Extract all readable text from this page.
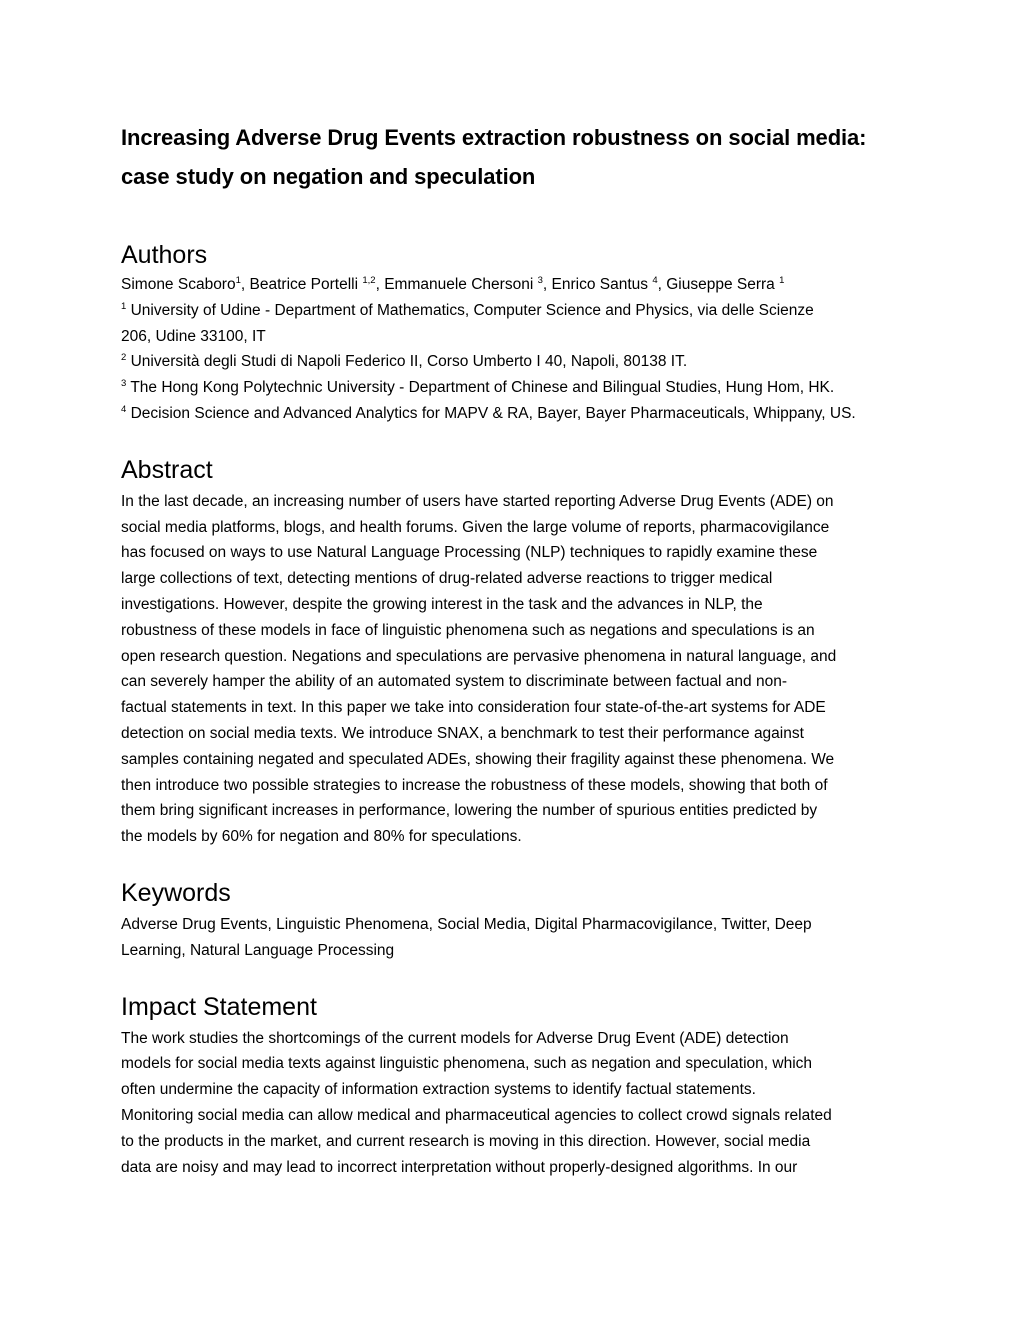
Increasing Adverse Drug Events extraction robustness on social media:
case study on negation and speculation
Authors
Simone Scaboro$^1$, Beatrice Portelli $^{1,2}$, Emmanuele Chersoni $^3$, Enrico Santus $^4$, Giuseppe Serra $^1$
$^1$ University of Udine - Department of Mathematics, Computer Science and Physics, via delle Scienze
206, Udine 33100, IT
$^2$ Università degli Studi di Napoli Federico II, Corso Umberto I 40, Napoli, 80138 IT.
$^3$ The Hong Kong Polytechnic University - Department of Chinese and Bilingual Studies, Hung Hom, HK.
$^4$ Decision Science and Advanced Analytics for MAPV & RA, Bayer, Bayer Pharmaceuticals, Whippany, US.
Abstract
In the last decade, an increasing number of users have started reporting Adverse Drug Events (ADE) on
social media platforms, blogs, and health forums. Given the large volume of reports, pharmacovigilance
has focused on ways to use Natural Language Processing (NLP) techniques to rapidly examine these
large collections of text, detecting mentions of drug-related adverse reactions to trigger medical
investigations. However, despite the growing interest in the task and the advances in NLP, the
robustness of these models in face of linguistic phenomena such as negations and speculations is an
open research question. Negations and speculations are pervasive phenomena in natural language, and
can severely hamper the ability of an automated system to discriminate between factual and non-
factual statements in text. In this paper we take into consideration four state-of-the-art systems for ADE
detection on social media texts. We introduce SNAX, a benchmark to test their performance against
samples containing negated and speculated ADEs, showing their fragility against these phenomena. We
then introduce two possible strategies to increase the robustness of these models, showing that both of
them bring significant increases in performance, lowering the number of spurious entities predicted by
the models by 60% for negation and 80% for speculations.
Keywords
Adverse Drug Events, Linguistic Phenomena, Social Media, Digital Pharmacovigilance, Twitter, Deep
Learning, Natural Language Processing
Impact Statement
The work studies the shortcomings of the current models for Adverse Drug Event (ADE) detection
models for social media texts against linguistic phenomena, such as negation and speculation, which
often undermine the capacity of information extraction systems to identify factual statements.
Monitoring social media can allow medical and pharmaceutical agencies to collect crowd signals related
to the products in the market, and current research is moving in this direction. However, social media
data are noisy and may lead to incorrect interpretation without properly-designed algorithms. In our
